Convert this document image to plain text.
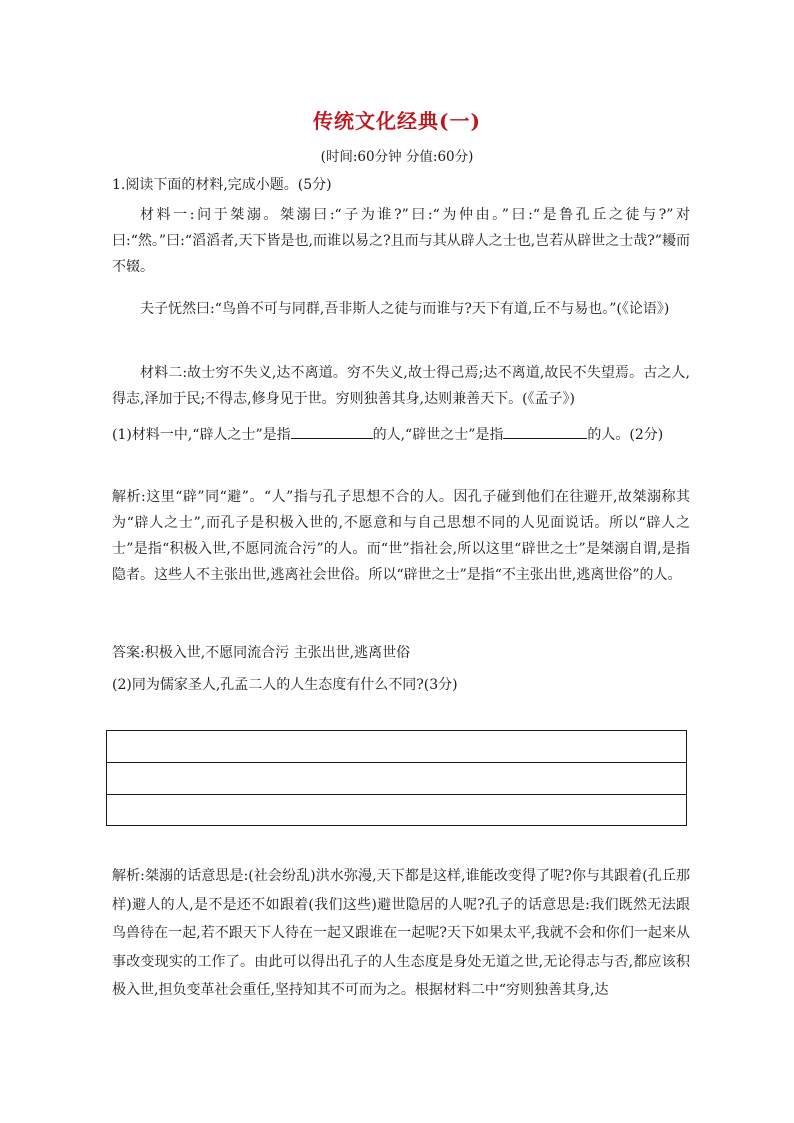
传统文化经典(一)
(时间:60分钟 分值:60分)
1.阅读下面的材料,完成小题。(5分)
材料一:问于桀溺。桀溺曰:“子为谁?”曰:“为仲由。”曰:“是鲁孔丘之徒与?”对曰:“然。”曰:“滔滔者,天下皆是也,而谁以易之?且而与其从辟人之士也,岂若从辟世之士哉?”耰而不辍。
夫子怃然曰:“鸟兽不可与同群,吾非斯人之徒与而谁与?天下有道,丘不与易也。”(《论语》)
材料二:故士穷不失义,达不离道。穷不失义,故士得己焉;达不离道,故民不失望焉。古之人,得志,泽加于民;不得志,修身见于世。穷则独善其身,达则兼善天下。(《孟子》)
(1)材料一中,“辟人之士”是指	的人,“辟世之士”是指	的人。(2分)
解析:这里“辟”同“避”。“人”指与孔子思想不合的人。因孔子碰到他们在往避开,故桀溺称其为“辟人之士”,而孔子是积极入世的,不愿意和与自己思想不同的人见面说话。所以“辟人之士”是指“积极入世,不愿同流合污”的人。而“世”指社会,所以这里“辟世之士”是桀溺自谓,是指隐者。这些人不主张出世,逃离社会世俗。所以“辟世之士”是指“不主张出世,逃离世俗”的人。
答案:积极入世,不愿同流合污 主张出世,逃离世俗
(2)同为儒家圣人,孔孟二人的人生态度有什么不同?(3分)
解析:桀溺的话意思是:(社会纷乱)洪水弥漫,天下都是这样,谁能改变得了呢?你与其跟着(孔丘那样)避人的人,是不是还不如跟着(我们这些)避世隐居的人呢?孔子的话意思是:我们既然无法跟鸟兽待在一起,若不跟天下人待在一起又跟谁在一起呢?天下如果太平,我就不会和你们一起来从事改变现实的工作了。由此可以得出孔子的人生态度是身处无道之世,无论得志与否,都应该积极入世,担负变革社会重任,坚持知其不可而为之。根据材料二中“穷则独善其身,达
